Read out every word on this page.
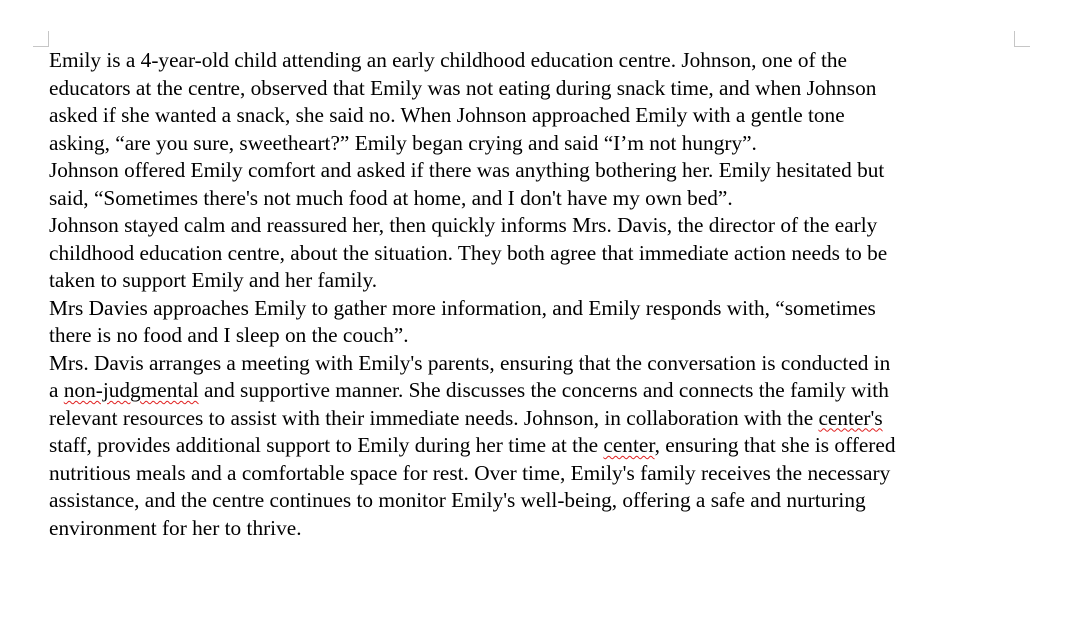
Emily is a 4-year-old child attending an early childhood education centre. Johnson, one of the
educators at the centre, observed that Emily was not eating during snack time, and when Johnson
asked if she wanted a snack, she said no. When Johnson approached Emily with a gentle tone
asking, “are you sure, sweetheart?” Emily began crying and said “I’m not hungry”.
Johnson offered Emily comfort and asked if there was anything bothering her. Emily hesitated but
said, “Sometimes there's not much food at home, and I don't have my own bed”.
Johnson stayed calm and reassured her, then quickly informs Mrs. Davis, the director of the early
childhood education centre, about the situation. They both agree that immediate action needs to be
taken to support Emily and her family.
Mrs Davies approaches Emily to gather more information, and Emily responds with, “sometimes
there is no food and I sleep on the couch”.
Mrs. Davis arranges a meeting with Emily's parents, ensuring that the conversation is conducted in
a non-judgmental and supportive manner. She discusses the concerns and connects the family with
relevant resources to assist with their immediate needs. Johnson, in collaboration with the center's
staff, provides additional support to Emily during her time at the center, ensuring that she is offered
nutritious meals and a comfortable space for rest. Over time, Emily's family receives the necessary
assistance, and the centre continues to monitor Emily's well-being, offering a safe and nurturing
environment for her to thrive.
